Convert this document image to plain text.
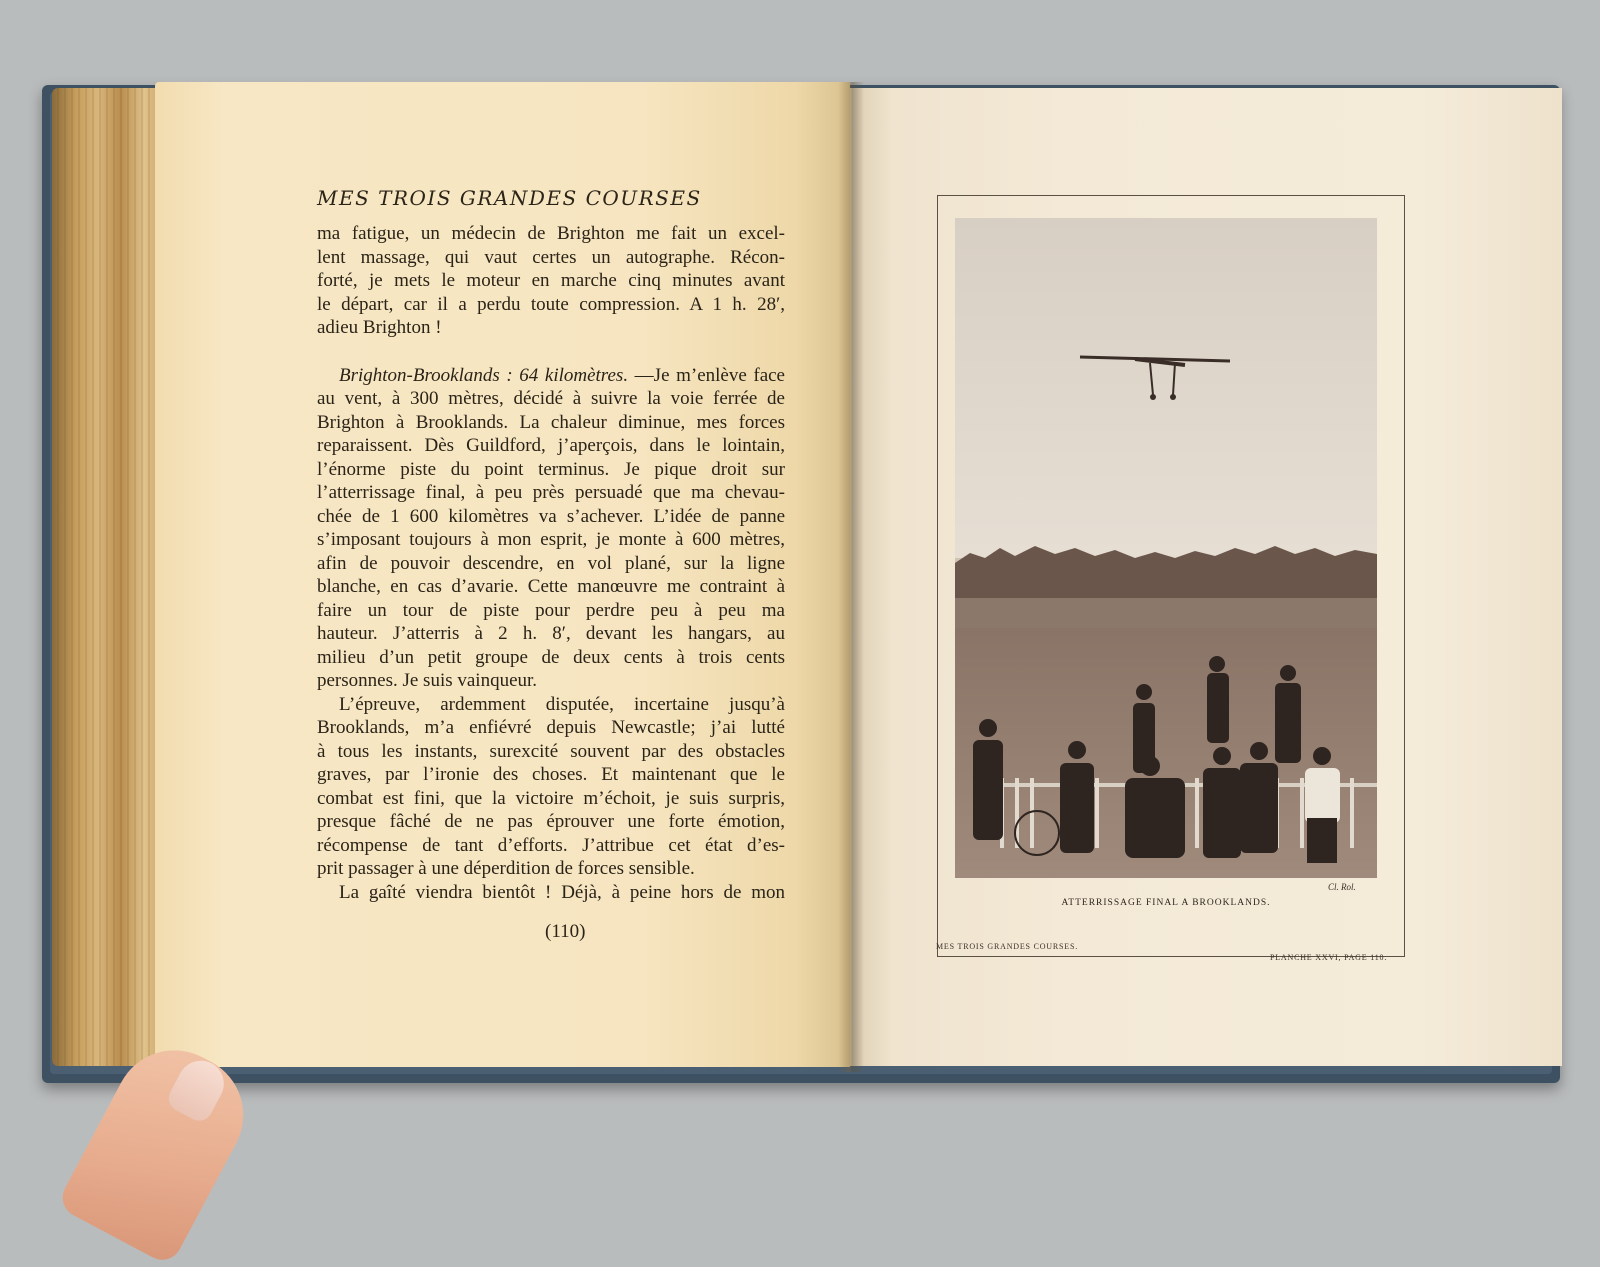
MES TROIS GRANDES COURSES
ma fatigue, un médecin de Brighton me fait un excel-
lent massage, qui vaut certes un autographe. Récon-
forté, je mets le moteur en marche cinq minutes avant
le départ, car il a perdu toute compression. A 1 h. 28′,
adieu Brighton !
Brighton-Brooklands : 64 kilomètres. —Je m’enlève face
au vent, à 300 mètres, décidé à suivre la voie ferrée de
Brighton à Brooklands. La chaleur diminue, mes forces
reparaissent. Dès Guildford, j’aperçois, dans le lointain,
l’énorme piste du point terminus. Je pique droit sur
l’atterrissage final, à peu près persuadé que ma chevau-
chée de 1 600 kilomètres va s’achever. L’idée de panne
s’imposant toujours à mon esprit, je monte à 600 mètres,
afin de pouvoir descendre, en vol plané, sur la ligne
blanche, en cas d’avarie. Cette manœuvre me contraint à
faire un tour de piste pour perdre peu à peu ma
hauteur. J’atterris à 2 h. 8′, devant les hangars, au
milieu d’un petit groupe de deux cents à trois cents
personnes. Je suis vainqueur.
L’épreuve, ardemment disputée, incertaine jusqu’à
Brooklands, m’a enfiévré depuis Newcastle; j’ai lutté
à tous les instants, surexcité souvent par des obstacles
graves, par l’ironie des choses. Et maintenant que le
combat est fini, que la victoire m’échoit, je suis surpris,
presque fâché de ne pas éprouver une forte émotion,
récompense de tant d’efforts. J’attribue cet état d’es-
prit passager à une déperdition de forces sensible.
La gaîté viendra bientôt ! Déjà, à peine hors de mon
(110)
Cl. Rol.
ATTERRISSAGE FINAL A BROOKLANDS.
MES TROIS GRANDES COURSES.
PLANCHE XXVI, PAGE 110.
